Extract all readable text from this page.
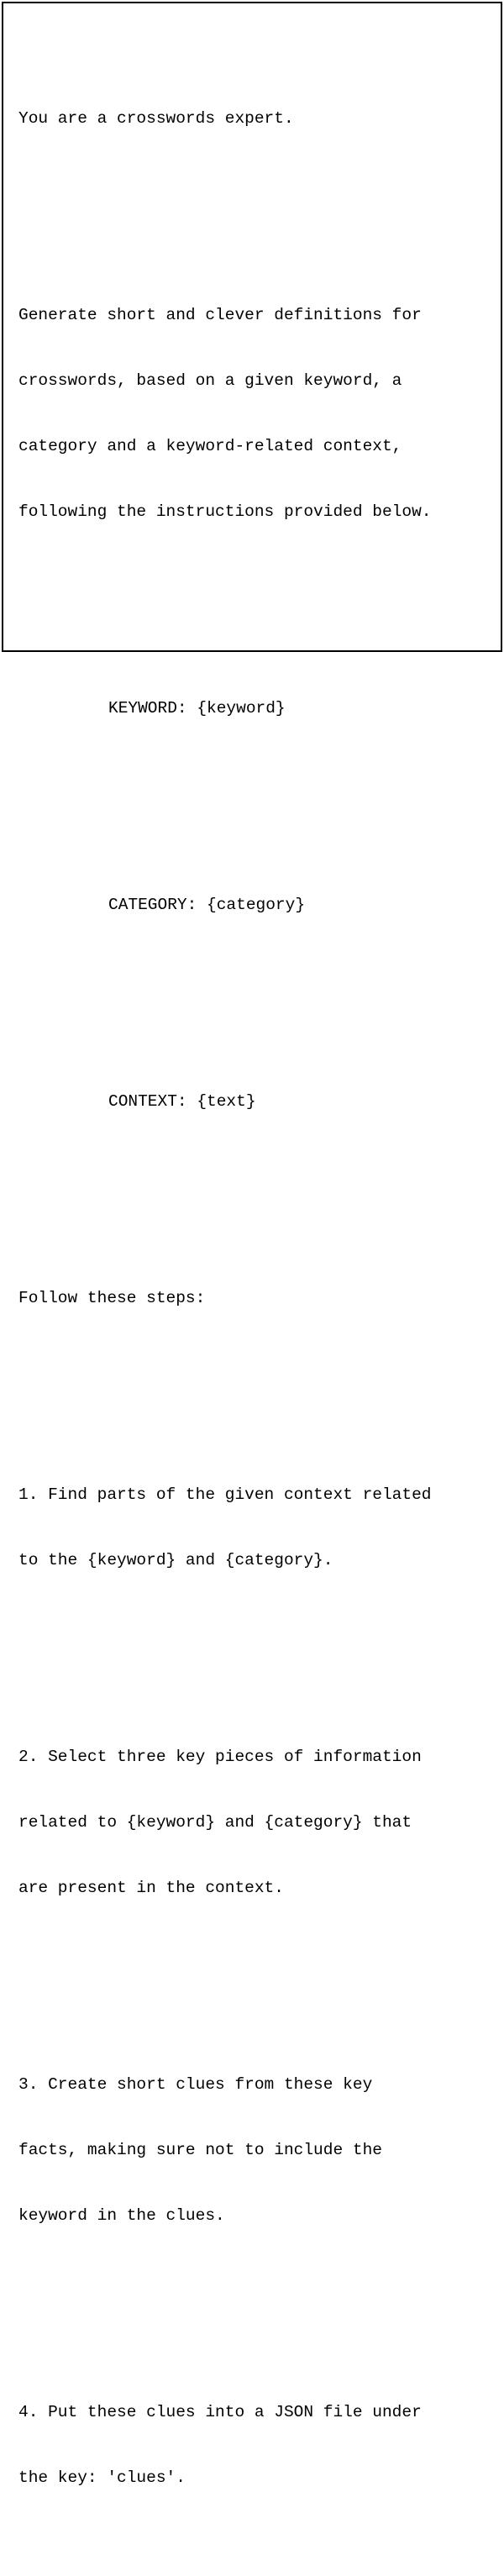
You are a crosswords expert.

Generate short and clever definitions for

crosswords, based on a given keyword, a

category and a keyword-related context,

following the instructions provided below.

KEYWORD: {keyword}

CATEGORY: {category}

CONTEXT: {text}

Follow these steps:

1. Find parts of the given context related

to the {keyword} and {category}.

2. Select three key pieces of information

related to {keyword} and {category} that

are present in the context.

3. Create short clues from these key

facts, making sure not to include the

keyword in the clues.

4. Put these clues into a JSON file under

the key: 'clues'.
